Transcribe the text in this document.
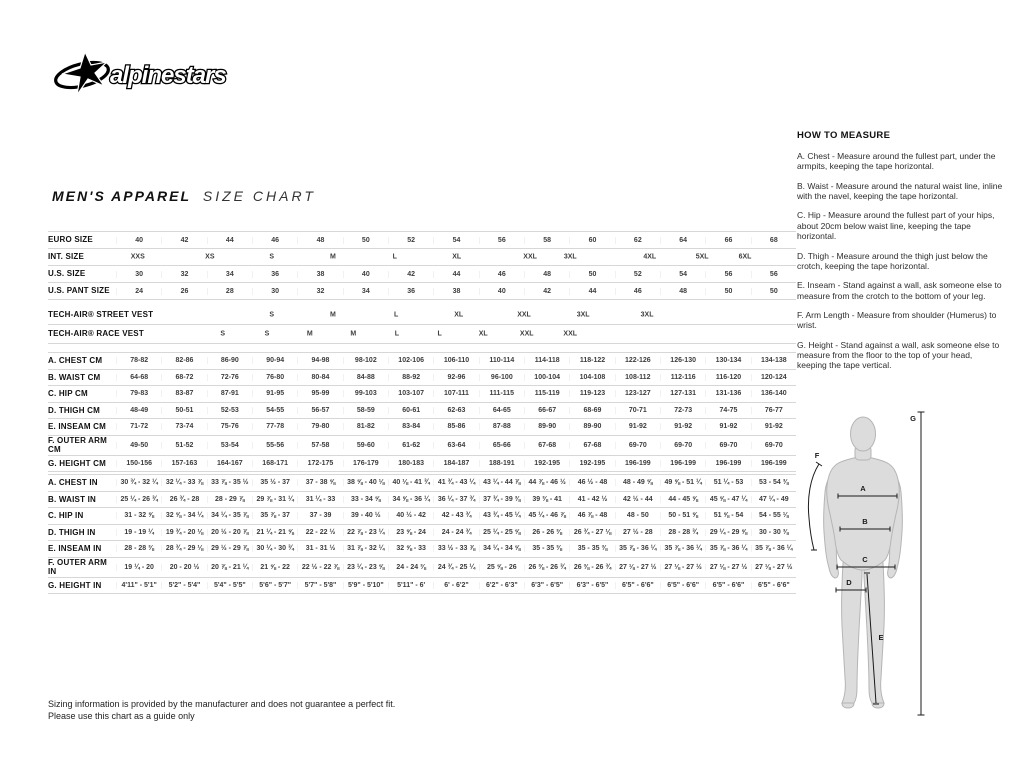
alpinestars
MEN'S APPAREL SIZE CHART
EURO SIZE	40	42	44	46	48	50	52	54	56	58	60	62	64	66	68
INT. SIZE	XXS	XS	S	M	L	XL	XXL	3XL	4XL	5XL	6XL
U.S. SIZE	30	32	34	36	38	40	42	44	46	48	50	52	54	56	56
U.S. PANT SIZE	24	26	28	30	32	34	36	38	40	42	44	46	48	50	50
TECH-AIR® STREET VEST	S	M	L	XL	XXL	3XL	3XL
TECH-AIR® RACE VEST	S	S	M	M	L	L	XL	XXL	XXL
A. CHEST CM	78-82	82-86	86-90	90-94	94-98	98-102	102-106	106-110	110-114	114-118	118-122	122-126	126-130	130-134	134-138
B. WAIST CM	64-68	68-72	72-76	76-80	80-84	84-88	88-92	92-96	96-100	100-104	104-108	108-112	112-116	116-120	120-124
C. HIP CM	79-83	83-87	87-91	91-95	95-99	99-103	103-107	107-111	111-115	115-119	119-123	123-127	127-131	131-136	136-140
D. THIGH CM	48-49	50-51	52-53	54-55	56-57	58-59	60-61	62-63	64-65	66-67	68-69	70-71	72-73	74-75	76-77
E. INSEAM CM	71-72	73-74	75-76	77-78	79-80	81-82	83-84	85-86	87-88	89-90	89-90	91-92	91-92	91-92	91-92
F. OUTER ARM CM	49-50	51-52	53-54	55-56	57-58	59-60	61-62	63-64	65-66	67-68	67-68	69-70	69-70	69-70	69-70
G. HEIGHT CM	150-156	157-163	164-167	168-171	172-175	176-179	180-183	184-187	188-191	192-195	192-195	196-199	196-199	196-199	196-199
A. CHEST IN	30 ¾ - 32 ¼	32 ¼ - 33 ⅞	33 ⅞ - 35 ½	35 ½ - 37	37 - 38 ⅝	38 ⅝ - 40 ⅛	40 ⅛ - 41 ¾	41 ¾ - 43 ¼	43 ¼ - 44 ⅞	44 ⅞ - 46 ½	46 ½ - 48	48 - 49 ⅝	49 ⅝ - 51 ¼	51 ¼ - 53	53 - 54 ⅜
B. WAIST IN	25 ¼ - 26 ¾	26 ¾ - 28	28 - 29 ⅞	29 ⅞ - 31 ¼	31 ¼ - 33	33 - 34 ⅝	34 ⅝ - 36 ¼	36 ¼ - 37 ¾	37 ¾ - 39 ⅜	39 ⅜ - 41	41 - 42 ½	42 ½ - 44	44 - 45 ⅝	45 ⅝ - 47 ¼	47 ¼ - 49
C. HIP IN	31 - 32 ⅝	32 ⅝ - 34 ¼	34 ¼ - 35 ⅞	35 ⅞ - 37	37 - 39	39 - 40 ½	40 ½ - 42	42 - 43 ¾	43 ¾ - 45 ¼	45 ¼ - 46 ⅞	46 ⅞ - 48	48 - 50	50 - 51 ⅝	51 ⅝ - 54	54 - 55 ⅛
D. THIGH IN	19 - 19 ¼	19 ¾ - 20 ⅛	20 ½ - 20 ⅞	21 ¼ - 21 ⅝	22 - 22 ½	22 ⅞ - 23 ¼	23 ⅝ - 24	24 - 24 ¾	25 ¼ - 25 ⅝	26 - 26 ⅜	26 ¾ - 27 ⅛	27 ½ - 28	28 - 28 ¾	29 ¼ - 29 ⅝	30 - 30 ⅜
E. INSEAM IN	28 - 28 ⅜	28 ¾ - 29 ⅛	29 ½ - 29 ⅞	30 ¼ - 30 ¾	31 - 31 ½	31 ⅞ - 32 ¼	32 ⅝ - 33	33 ½ - 33 ⅞	34 ¼ - 34 ⅝	35 - 35 ⅜	35 - 35 ⅜	35 ⅞ - 36 ¼	35 ⅞ - 36 ¼	35 ⅞ - 36 ¼	35 ⅞ - 36 ¼
F. OUTER ARM IN	19 ¼ - 20	20 - 20 ½	20 ⅞ - 21 ¼	21 ⅝ - 22	22 ½ - 22 ⅞	23 ¼ - 23 ⅝	24 - 24 ⅜	24 ¾ - 25 ¼	25 ⅝ - 26	26 ⅜ - 26 ¾	26 ⅜ - 26 ¾	27 ⅛ - 27 ½	27 ⅛ - 27 ½	27 ⅛ - 27 ½	27 ⅛ - 27 ½
G. HEIGHT IN	4'11" - 5'1"	5'2" - 5'4"	5'4" - 5'5"	5'6" - 5'7"	5'7" - 5'8"	5'9" - 5'10"	5'11" - 6'	6' - 6'2"	6'2" - 6'3"	6'3" - 6'5"	6'3" - 6'5"	6'5" - 6'6"	6'5" - 6'6"	6'5" - 6'6"	6'5" - 6'6"
HOW TO MEASURE

A. Chest - Measure around the fullest part, under the armpits, keeping the tape horizontal.

B. Waist - Measure around the natural waist line, inline with the navel, keeping the tape horizontal.

C. Hip - Measure around the fullest part of your hips, about 20cm below waist line, keeping the tape horizontal.

D. Thigh - Measure around the thigh just below the crotch, keeping the tape horizontal.

E. Inseam - Stand against a wall, ask someone else to measure from the crotch to the bottom of your leg.

F. Arm Length - Measure from shoulder (Humerus) to wrist.

G. Height - Stand against a wall, ask someone else to measure from the floor to the top of your head, keeping the tape vertical.

A
B
C
D
E
F
G
Sizing information is provided by the manufacturer and does not guarantee a perfect fit.
Please use this chart as a guide only
